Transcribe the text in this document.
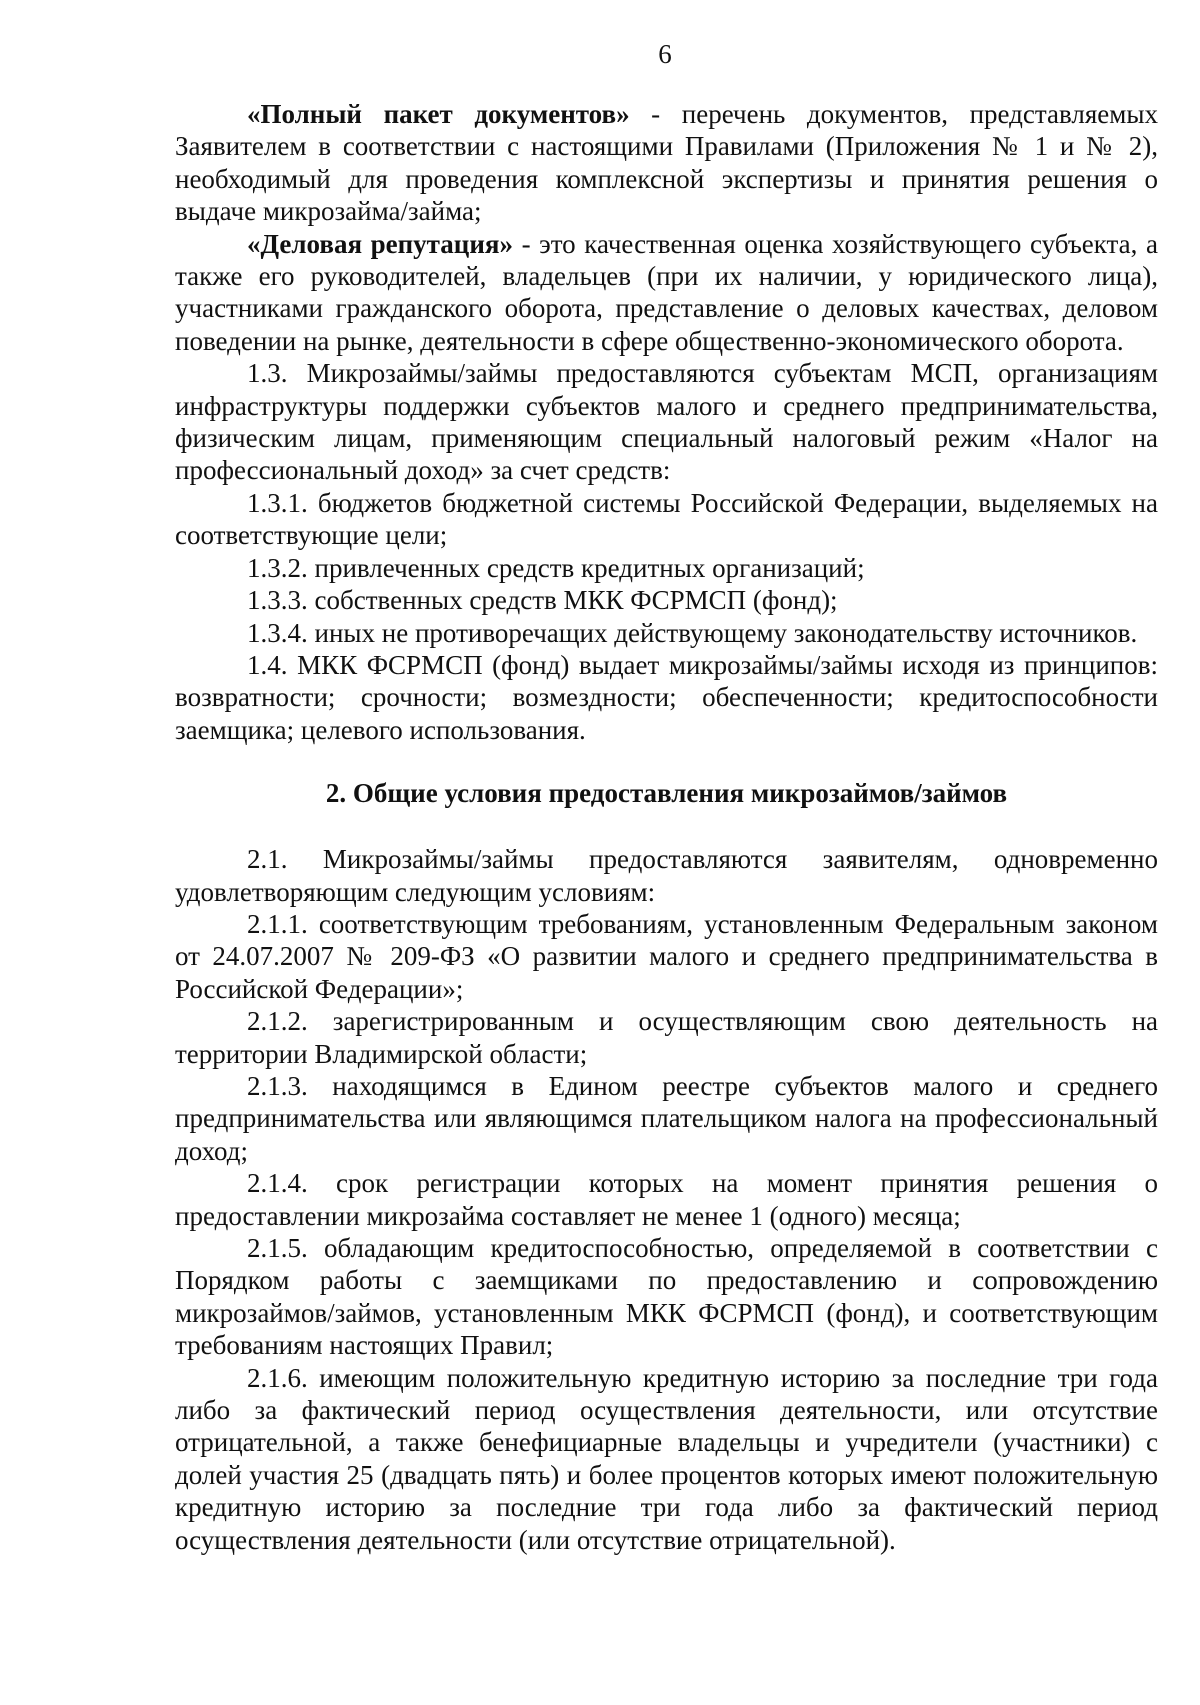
6

«Полный пакет документов» - перечень документов, представляемых Заявителем в соответствии с настоящими Правилами (Приложения № 1 и № 2), необходимый для проведения комплексной экспертизы и принятия решения о выдаче микрозайма/займа;

«Деловая репутация» - это качественная оценка хозяйствующего субъекта, а также его руководителей, владельцев (при их наличии, у юридического лица), участниками гражданского оборота, представление о деловых качествах, деловом поведении на рынке, деятельности в сфере общественно-экономического оборота.

1.3. Микрозаймы/займы предоставляются субъектам МСП, организациям инфраструктуры поддержки субъектов малого и среднего предпринимательства, физическим лицам, применяющим специальный налоговый режим «Налог на профессиональный доход» за счет средств:

1.3.1. бюджетов бюджетной системы Российской Федерации, выделяемых на соответствующие цели;

1.3.2. привлеченных средств кредитных организаций;

1.3.3. собственных средств МКК ФСРМСП (фонд);

1.3.4. иных не противоречащих действующему законодательству источников.

1.4. МКК ФСРМСП (фонд) выдает микрозаймы/займы исходя из принципов: возвратности; срочности; возмездности; обеспеченности; кредитоспособности заемщика; целевого использования.

2. Общие условия предоставления микрозаймов/займов

2.1. Микрозаймы/займы предоставляются заявителям, одновременно удовлетворяющим следующим условиям:

2.1.1. соответствующим требованиям, установленным Федеральным законом от 24.07.2007 № 209-ФЗ «О развитии малого и среднего предпринимательства в Российской Федерации»;

2.1.2. зарегистрированным и осуществляющим свою деятельность на территории Владимирской области;

2.1.3. находящимся в Едином реестре субъектов малого и среднего предпринимательства или являющимся плательщиком налога на профессиональный доход;

2.1.4. срок регистрации которых на момент принятия решения о предоставлении микрозайма составляет не менее 1 (одного) месяца;

2.1.5. обладающим кредитоспособностью, определяемой в соответствии с Порядком работы с заемщиками по предоставлению и сопровождению микрозаймов/займов, установленным МКК ФСРМСП (фонд), и соответствующим требованиям настоящих Правил;

2.1.6. имеющим положительную кредитную историю за последние три года либо за фактический период осуществления деятельности, или отсутствие отрицательной, а также бенефициарные владельцы и учредители (участники) с долей участия 25 (двадцать пять) и более процентов которых имеют положительную кредитную историю за последние три года либо за фактический период осуществления деятельности (или отсутствие отрицательной).
